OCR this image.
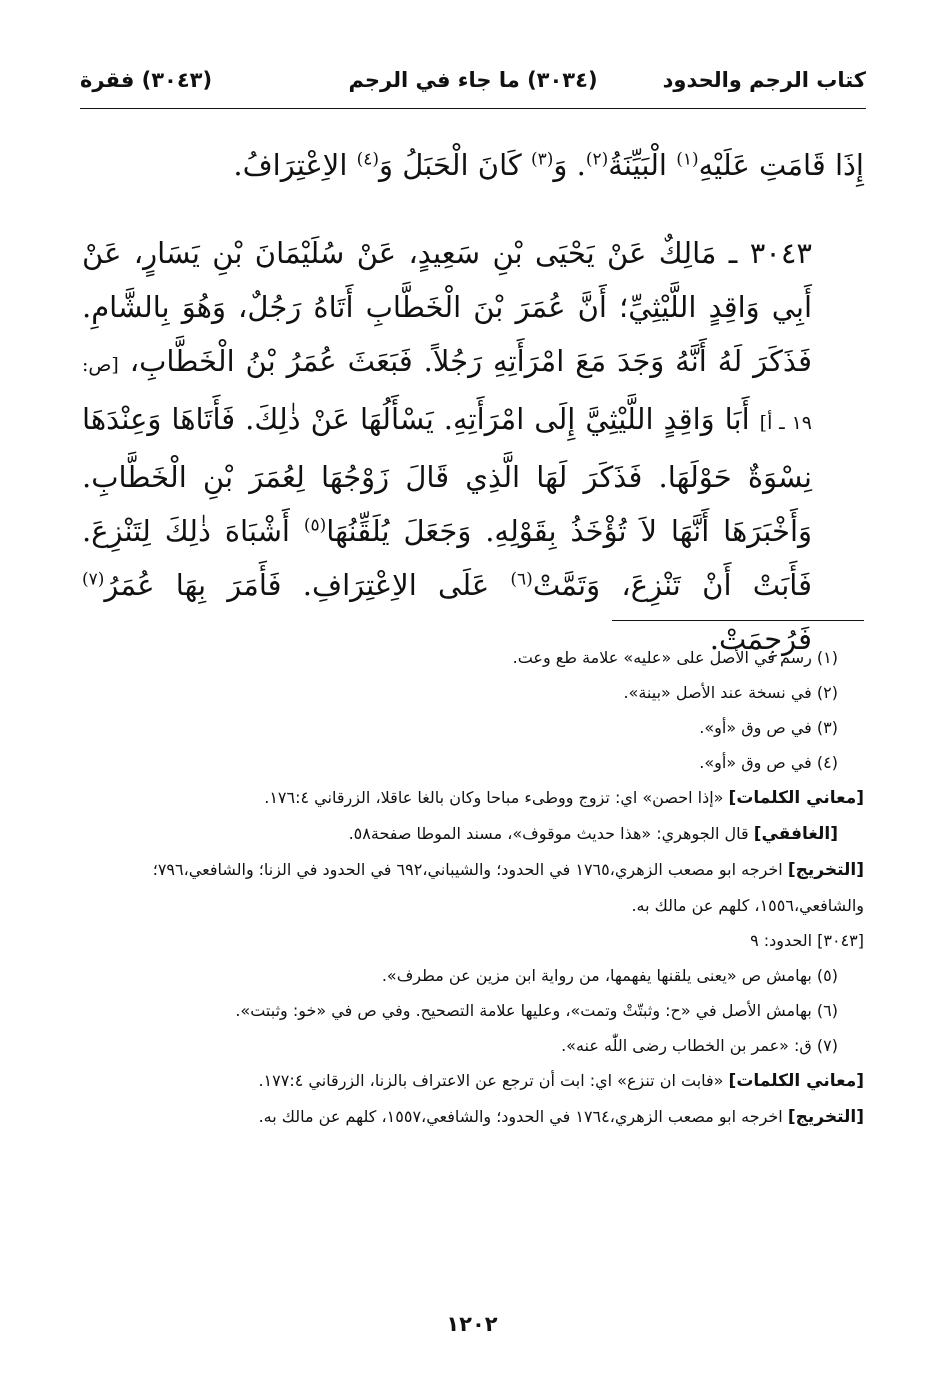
كتاب الرجم والحدود
(٣٠٣٤) ما جاء في الرجم
(٣٠٤٣) فقرة

إِذَا قَامَتِ عَلَيْهِ$^{(١)}$ الْبَيِّنَةُ$^{(٢)}$. وَ$^{(٣)}$ كَانَ الْحَبَلُ وَ$^{(٤)}$ الاِعْتِرَافُ.

٣٠٤٣ ـ مَالِكٌ عَنْ يَحْيَى بْنِ سَعِيدٍ، عَنْ سُلَيْمَانَ بْنِ يَسَارٍ، عَنْ أَبِي وَاقِدٍ اللَّيْثِيِّ؛ أَنَّ عُمَرَ بْنَ الْخَطَّابِ أَتَاهُ رَجُلٌ، وَهُوَ بِالشَّامِ. فَذَكَرَ لَهُ أَنَّهُ وَجَدَ مَعَ امْرَأَتِهِ رَجُلاً. فَبَعَثَ عُمَرُ بْنُ الْخَطَّابِ، [ص: ١٩ ـ أ] أَبَا وَاقِدٍ اللَّيْثِيَّ إِلَى امْرَأَتِهِ. يَسْأَلُهَا عَنْ ذٰلِكَ. فَأَتَاهَا وَعِنْدَهَا نِسْوَةٌ حَوْلَهَا. فَذَكَرَ لَهَا الَّذِي قَالَ زَوْجُهَا لِعُمَرَ بْنِ الْخَطَّابِ. وَأَخْبَرَهَا أَنَّهَا لاَ تُؤْخَذُ بِقَوْلِهِ. وَجَعَلَ يُلَقِّنُهَا$^{(٥)}$ أَشْبَاهَ ذٰلِكَ لِتَنْزِعَ. فَأَبَتْ أَنْ تَنْزِعَ، وَتَمَّتْ$^{(٦)}$ عَلَى الاِعْتِرَافِ. فَأَمَرَ بِهَا عُمَرُ$^{(٧)}$ فَرُجِمَتْ.

(١) رسم في الأصل على «عليه» علامة طع وعت.

(٢) في نسخة عند الأصل «بينة».

(٣) في ص وق «أو».

(٤) في ص وق «أو».

[معاني الكلمات] «إذا احصن» اي: تزوج ووطىء مباحا وكان بالغا عاقلا، الزرقاني ١٧٦:٤.

[الغافقي] قال الجوهري: «هذا حديث موقوف»، مسند الموطا صفحة٥٨.

[التخريج] اخرجه ابو مصعب الزهري،١٧٦٥ في الحدود؛ والشيباني،٦٩٢ في الحدود في الزنا؛ والشافعي،٧٩٦؛ والشافعي،١٥٥٦، كلهم عن مالك به.

[٣٠٤٣] الحدود: ٩

(٥) بهامش ص «يعنى يلقنها يفهمها، من رواية ابن مزين عن مطرف».

(٦) بهامش الأصل في «ح: وثبتّتْ وتمت»، وعليها علامة التصحيح. وفي ص في «خو: وثبتت».

(٧) ق: «عمر بن الخطاب رضى اللّٰه عنه».

[معاني الكلمات] «فابت ان تنزع» اي: ابت أن ترجع عن الاعتراف بالزنا، الزرقاني ١٧٧:٤.

[التخريج] اخرجه ابو مصعب الزهري،١٧٦٤ في الحدود؛ والشافعي،١٥٥٧، كلهم عن مالك به.

١٢٠٢
